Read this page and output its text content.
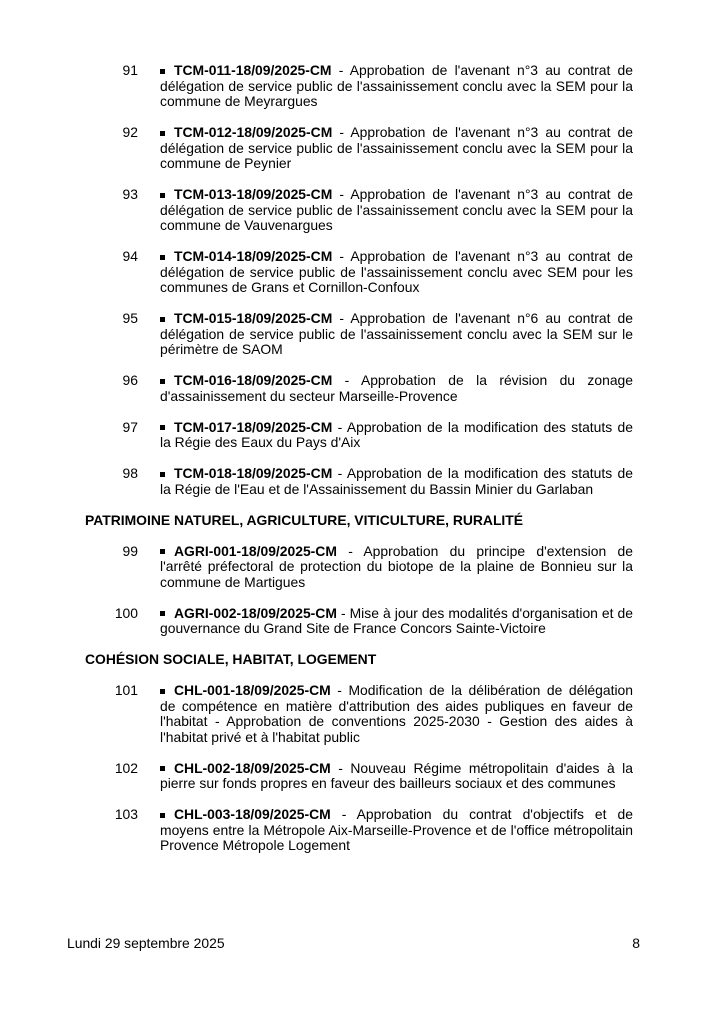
91	TCM-011-18/09/2025-CM - Approbation de l'avenant n°3 au contrat de délégation de service public de l'assainissement conclu avec la SEM pour la commune de Meyrargues

92	TCM-012-18/09/2025-CM - Approbation de l'avenant n°3 au contrat de délégation de service public de l'assainissement conclu avec la SEM pour la commune de Peynier

93	TCM-013-18/09/2025-CM - Approbation de l'avenant n°3 au contrat de délégation de service public de l'assainissement conclu avec la SEM pour la commune de Vauvenargues

94	TCM-014-18/09/2025-CM - Approbation de l'avenant n°3 au contrat de délégation de service public de l'assainissement conclu avec SEM pour les communes de Grans et Cornillon-Confoux

95	TCM-015-18/09/2025-CM - Approbation de l'avenant n°6 au contrat de délégation de service public de l'assainissement conclu avec la SEM sur le périmètre de SAOM

96	TCM-016-18/09/2025-CM - Approbation de la révision du zonage d'assainissement du secteur Marseille-Provence

97	TCM-017-18/09/2025-CM - Approbation de la modification des statuts de la Régie des Eaux du Pays d'Aix

98	TCM-018-18/09/2025-CM - Approbation de la modification des statuts de la Régie de l'Eau et de l'Assainissement du Bassin Minier du Garlaban

PATRIMOINE NATUREL, AGRICULTURE, VITICULTURE, RURALITÉ
99	AGRI-001-18/09/2025-CM - Approbation du principe d'extension de l'arrêté préfectoral de protection du biotope de la plaine de Bonnieu sur la commune de Martigues

100	AGRI-002-18/09/2025-CM - Mise à jour des modalités d'organisation et de gouvernance du Grand Site de France Concors Sainte-Victoire

COHÉSION SOCIALE, HABITAT, LOGEMENT
101	CHL-001-18/09/2025-CM - Modification de la délibération de délégation de compétence en matière d'attribution des aides publiques en faveur de l'habitat - Approbation de conventions 2025-2030 - Gestion des aides à l'habitat privé et à l'habitat public

102	CHL-002-18/09/2025-CM - Nouveau Régime métropolitain d'aides à la pierre sur fonds propres en faveur des bailleurs sociaux et des communes

103	CHL-003-18/09/2025-CM - Approbation du contrat d'objectifs et de moyens entre la Métropole Aix-Marseille-Provence et de l'office métropolitain Provence Métropole Logement

Lundi 29 septembre 2025	8
